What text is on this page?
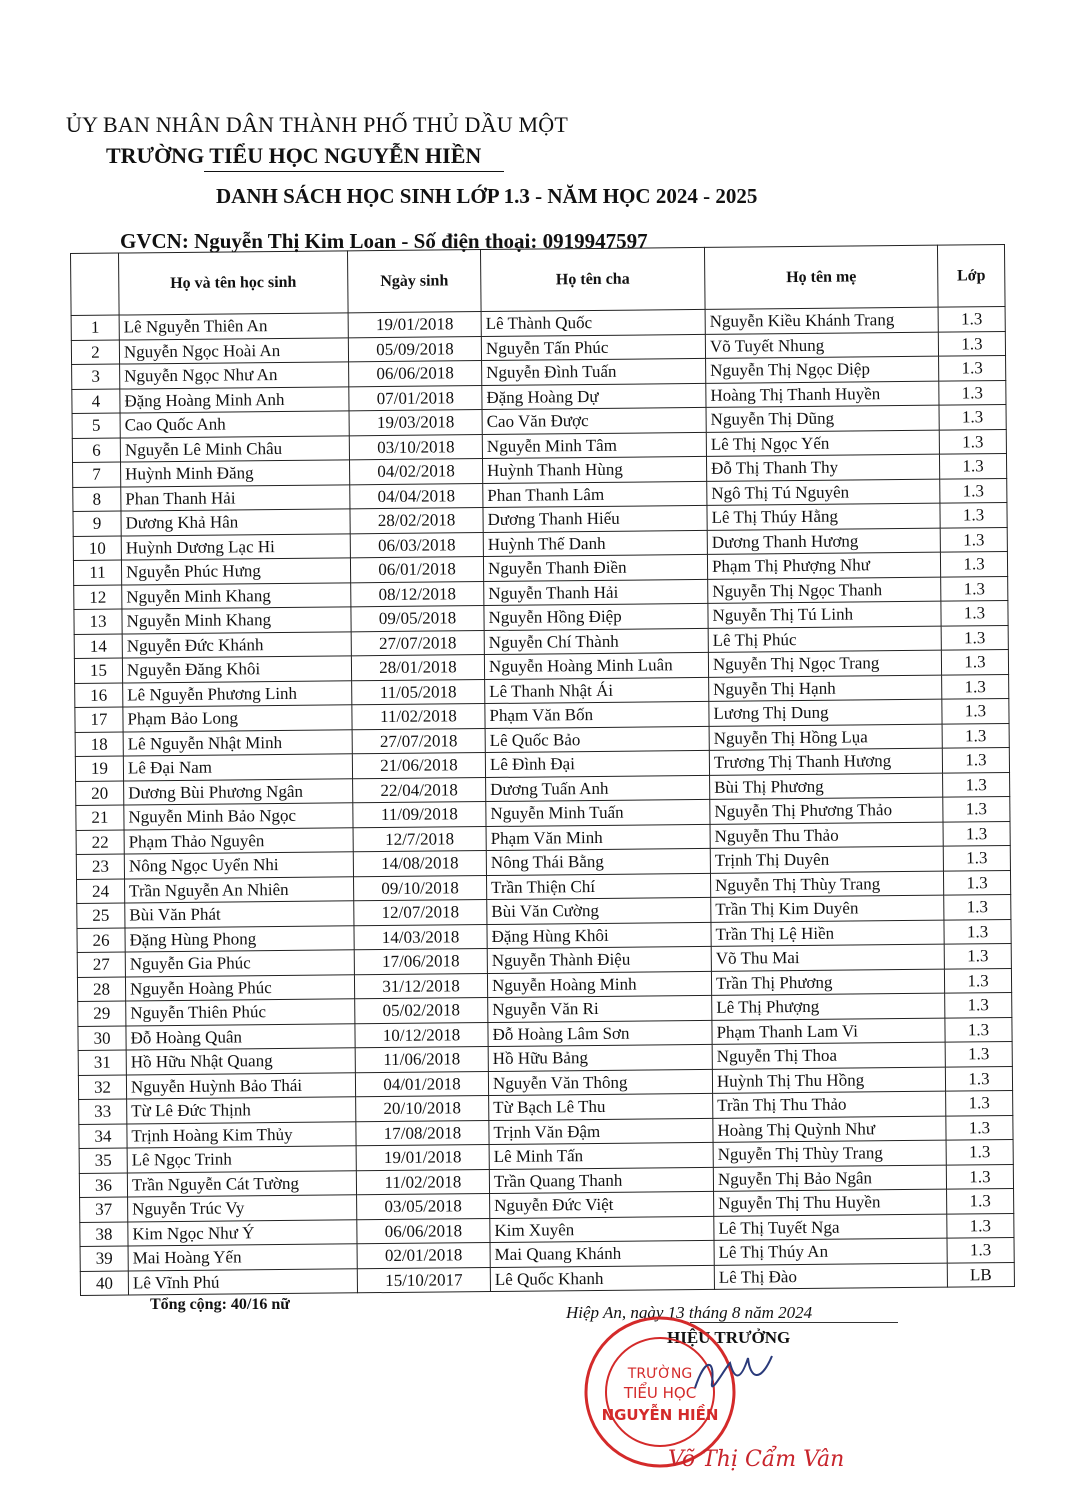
ỦY BAN NHÂN DÂN THÀNH PHỐ THỦ DẦU MỘT
TRƯỜNG TIỂU HỌC NGUYỄN HIỀN
DANH SÁCH HỌC SINH LỚP 1.3 - NĂM HỌC 2024 - 2025
GVCN: Nguyễn Thị Kim Loan - Số điện thoại: 0919947597
	Họ và tên học sinh	Ngày sinh	Họ tên cha	Họ tên mẹ	Lớp
1	Lê Nguyễn Thiên An	19/01/2018	Lê Thành Quốc	Nguyễn Kiều Khánh Trang	1.3
2	Nguyễn Ngọc Hoài An	05/09/2018	Nguyễn Tấn Phúc	Võ Tuyết Nhung	1.3
3	Nguyễn Ngọc Như An	06/06/2018	Nguyễn Đình Tuấn	Nguyễn Thị Ngọc Diệp	1.3
4	Đặng Hoàng Minh Anh	07/01/2018	Đặng Hoàng Dự	Hoàng Thị Thanh Huyền	1.3
5	Cao Quốc Anh	19/03/2018	Cao Văn Được	Nguyễn Thị Dũng	1.3
6	Nguyễn Lê Minh Châu	03/10/2018	Nguyễn Minh Tâm	Lê Thị Ngọc Yến	1.3
7	Huỳnh Minh Đăng	04/02/2018	Huỳnh Thanh Hùng	Đỗ Thị Thanh Thy	1.3
8	Phan Thanh Hải	04/04/2018	Phan Thanh Lâm	Ngô Thị Tú Nguyên	1.3
9	Dương Khả Hân	28/02/2018	Dương Thanh Hiếu	Lê Thị Thúy Hằng	1.3
10	Huỳnh Dương Lạc Hi	06/03/2018	Huỳnh Thế Danh	Dương Thanh Hương	1.3
11	Nguyễn Phúc Hưng	06/01/2018	Nguyễn Thanh Điền	Phạm Thị Phượng Như	1.3
12	Nguyễn Minh Khang	08/12/2018	Nguyễn Thanh Hải	Nguyễn Thị Ngọc Thanh	1.3
13	Nguyễn Minh Khang	09/05/2018	Nguyễn Hồng Điệp	Nguyễn Thị Tú Linh	1.3
14	Nguyễn Đức Khánh	27/07/2018	Nguyễn Chí Thành	Lê Thị Phúc	1.3
15	Nguyễn Đăng Khôi	28/01/2018	Nguyễn Hoàng Minh Luân	Nguyễn Thị Ngọc Trang	1.3
16	Lê Nguyễn Phương Linh	11/05/2018	Lê Thanh Nhật Ái	Nguyễn Thị Hạnh	1.3
17	Phạm Bảo Long	11/02/2018	Phạm Văn Bốn	Lương Thị Dung	1.3
18	Lê Nguyễn Nhật Minh	27/07/2018	Lê Quốc Bảo	Nguyễn Thị Hồng Lụa	1.3
19	Lê Đại Nam	21/06/2018	Lê Đình Đại	Trương Thị Thanh Hương	1.3
20	Dương Bùi Phương Ngân	22/04/2018	Dương Tuấn Anh	Bùi Thị Phương	1.3
21	Nguyễn Minh Bảo Ngọc	11/09/2018	Nguyễn Minh Tuấn	Nguyễn Thị Phương Thảo	1.3
22	Phạm Thảo Nguyên	12/7/2018	Phạm Văn Minh	Nguyễn Thu Thảo	1.3
23	Nông Ngọc Uyển Nhi	14/08/2018	Nông Thái Bằng	Trịnh Thị Duyên	1.3
24	Trần Nguyễn An Nhiên	09/10/2018	Trần Thiện Chí	Nguyễn Thị Thùy Trang	1.3
25	Bùi Văn Phát	12/07/2018	Bùi Văn Cường	Trần Thị Kim Duyên	1.3
26	Đặng Hùng Phong	14/03/2018	Đặng Hùng Khôi	Trần Thị Lệ Hiền	1.3
27	Nguyễn Gia Phúc	17/06/2018	Nguyễn Thành Điệu	Võ Thu Mai	1.3
28	Nguyễn Hoàng Phúc	31/12/2018	Nguyễn Hoàng Minh	Trần Thị Phương	1.3
29	Nguyễn Thiên Phúc	05/02/2018	Nguyễn Văn Ri	Lê Thị Phượng	1.3
30	Đỗ Hoàng Quân	10/12/2018	Đỗ Hoàng Lâm Sơn	Phạm Thanh Lam Vi	1.3
31	Hồ Hữu Nhật Quang	11/06/2018	Hồ Hữu Bảng	Nguyễn Thị Thoa	1.3
32	Nguyễn Huỳnh Bảo Thái	04/01/2018	Nguyễn Văn Thông	Huỳnh Thị Thu Hồng	1.3
33	Từ Lê Đức Thịnh	20/10/2018	Từ Bạch Lê Thu	Trần Thị Thu Thảo	1.3
34	Trịnh Hoàng Kim Thủy	17/08/2018	Trịnh Văn Đậm	Hoàng Thị Quỳnh Như	1.3
35	Lê Ngọc Trinh	19/01/2018	Lê Minh Tấn	Nguyễn Thị Thùy Trang	1.3
36	Trần Nguyễn Cát Tường	11/02/2018	Trần Quang Thanh	Nguyễn Thị Bảo Ngân	1.3
37	Nguyễn Trúc Vy	03/05/2018	Nguyễn Đức Việt	Nguyễn Thị Thu Huyền	1.3
38	Kim Ngọc Như Ý	06/06/2018	Kim Xuyên	Lê Thị Tuyết Nga	1.3
39	Mai Hoàng Yến	02/01/2018	Mai Quang Khánh	Lê Thị Thúy An	1.3
40	Lê Vĩnh Phú	15/10/2017	Lê Quốc Khanh	Lê Thị Đào	LB
Tổng cộng: 40/16 nữ	Hiệp An, ngày 13 tháng 8 năm 2024
HIỆU TRƯỞNG
TRƯỜNG
TIỂU HỌC
NGUYỄN HIỀN
Võ Thị Cẩm Vân
